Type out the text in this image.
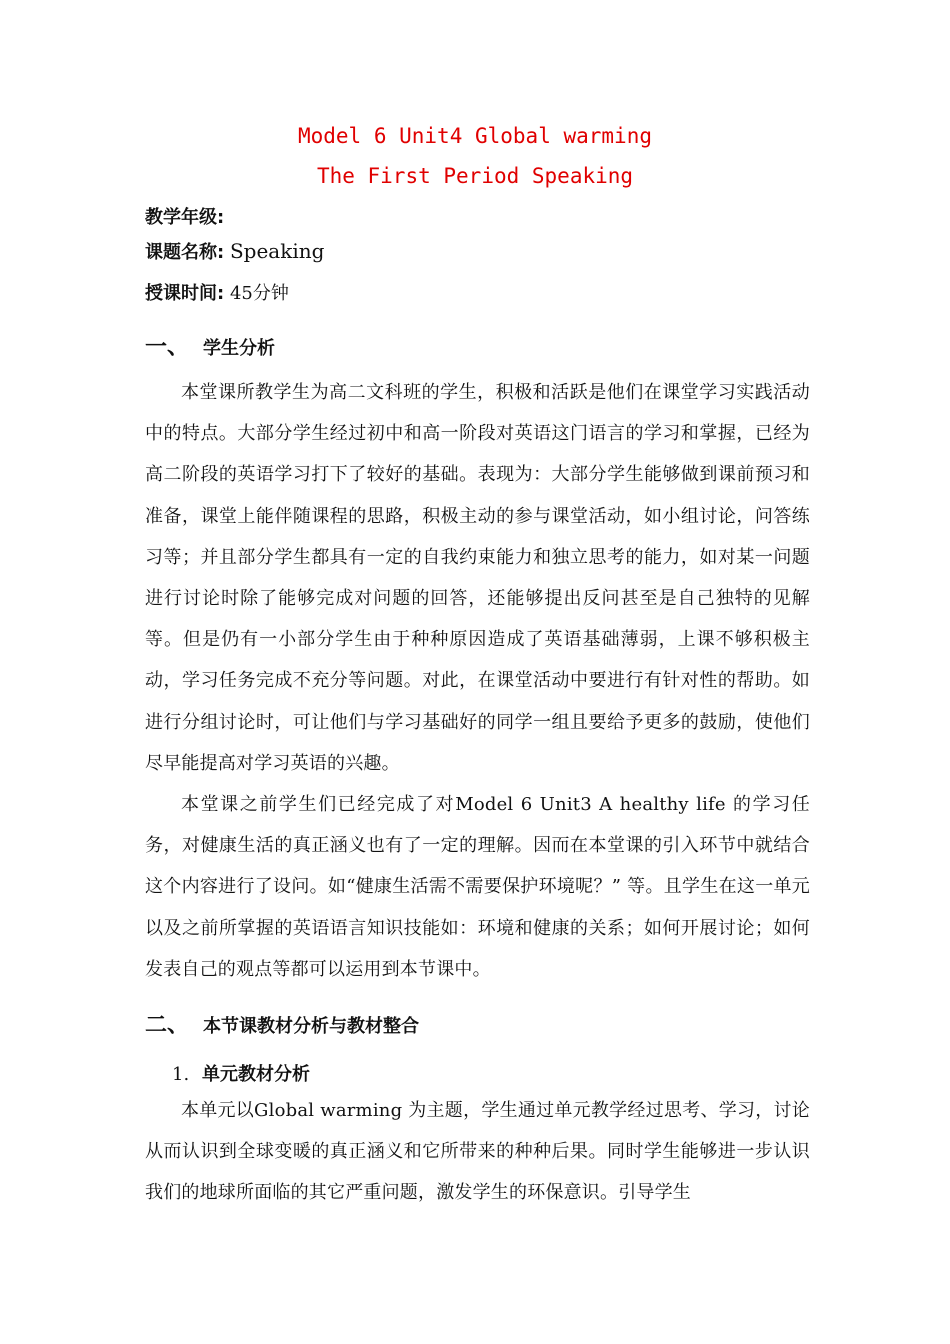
Model 6 Unit4 Global warming
The First Period Speaking
教学年级:
课题名称: Speaking
授课时间: 45分钟
一、 学生分析
本堂课所教学生为高二文科班的学生，积极和活跃是他们在课堂学习实践活动中的特点。大部分学生经过初中和高一阶段对英语这门语言的学习和掌握，已经为高二阶段的英语学习打下了较好的基础。表现为：大部分学生能够做到课前预习和准备，课堂上能伴随课程的思路，积极主动的参与课堂活动，如小组讨论，问答练习等；并且部分学生都具有一定的自我约束能力和独立思考的能力，如对某一问题进行讨论时除了能够完成对问题的回答，还能够提出反问甚至是自己独特的见解等。但是仍有一小部分学生由于种种原因造成了英语基础薄弱，上课不够积极主动，学习任务完成不充分等问题。对此，在课堂活动中要进行有针对性的帮助。如进行分组讨论时，可让他们与学习基础好的同学一组且要给予更多的鼓励，使他们尽早能提高对学习英语的兴趣。
本堂课之前学生们已经完成了对Model 6 Unit3 A healthy life 的学习任务，对健康生活的真正涵义也有了一定的理解。因而在本堂课的引入环节中就结合这个内容进行了设问。如“健康生活需不需要保护环境呢？” 等。且学生在这一单元以及之前所掌握的英语语言知识技能如：环境和健康的关系；如何开展讨论；如何发表自己的观点等都可以运用到本节课中。
二、 本节课教材分析与教材整合
1. 单元教材分析
本单元以Global warming 为主题，学生通过单元教学经过思考、学习，讨论从而认识到全球变暖的真正涵义和它所带来的种种后果。同时学生能够进一步认识我们的地球所面临的其它严重问题，激发学生的环保意识。引导学生
